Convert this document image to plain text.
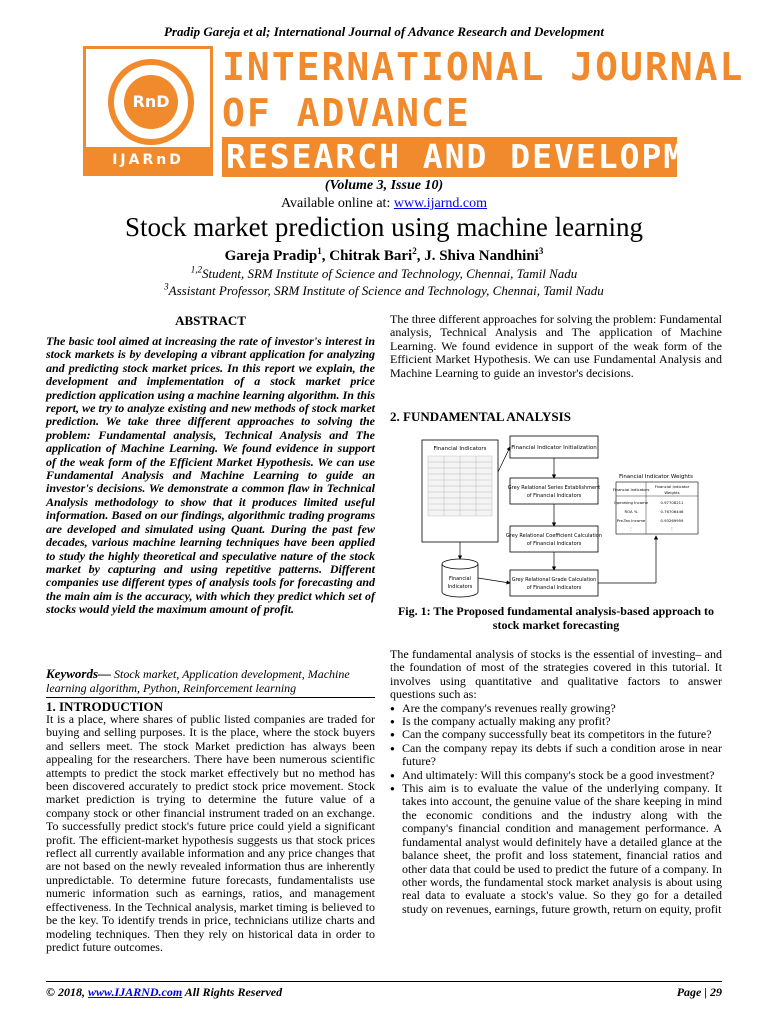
Pradip Gareja et al; International Journal of Advance Research and Development
RnD
IJARnD
INTERNATIONAL JOURNAL
OF ADVANCE
RESEARCH AND DEVELOPMENT
(Volume 3, Issue 10)
Available online at: www.ijarnd.com
Stock market prediction using machine learning
Gareja Pradip$^1$, Chitrak Bari$^2$, J. Shiva Nandhini$^3$
$^{1,2}$Student, SRM Institute of Science and Technology, Chennai, Tamil Nadu
$^3$Assistant Professor, SRM Institute of Science and Technology, Chennai, Tamil Nadu
ABSTRACT
The basic tool aimed at increasing the rate of investor's interest in stock markets is by developing a vibrant application for analyzing and predicting stock market prices. In this report we explain, the development and implementation of a stock market price prediction application using a machine learning algorithm. In this report, we try to analyze existing and new methods of stock market prediction. We take three different approaches to solving the problem: Fundamental analysis, Technical Analysis and The application of Machine Learning. We found evidence in support of the weak form of the Efficient Market Hypothesis. We can use Fundamental Analysis and Machine Learning to guide an investor's decisions. We demonstrate a common flaw in Technical Analysis methodology to show that it produces limited useful information. Based on our findings, algorithmic trading programs are developed and simulated using Quant. During the past few decades, various machine learning techniques have been applied to study the highly theoretical and speculative nature of the stock market by capturing and using repetitive patterns. Different companies use different types of analysis tools for forecasting and the main aim is the accuracy, with which they predict which set of stocks would yield the maximum amount of profit.
Keywords— Stock market, Application development, Machine learning algorithm, Python, Reinforcement learning
1. INTRODUCTION
It is a place, where shares of public listed companies are traded for buying and selling purposes. It is the place, where the stock buyers and sellers meet. The stock Market prediction has always been appealing for the researchers. There have been numerous scientific attempts to predict the stock market effectively but no method has been discovered accurately to predict stock price movement. Stock market prediction is trying to determine the future value of a company stock or other financial instrument traded on an exchange. To successfully predict stock's future price could yield a significant profit. The efficient-market hypothesis suggests us that stock prices reflect all currently available information and any price changes that are not based on the newly revealed information thus are inherently unpredictable. To determine future forecasts, fundamentalists use numeric information such as earnings, ratios, and management effectiveness. In the Technical analysis, market timing is believed to be the key. To identify trends in price, technicians utilize charts and modeling techniques. Then they rely on historical data in order to predict future outcomes.
The three different approaches for solving the problem: Fundamental analysis, Technical Analysis and The application of Machine Learning. We found evidence in support of the weak form of the Efficient Market Hypothesis. We can use Fundamental Analysis and Machine Learning to guide an investor's decisions.
2. FUNDAMENTAL ANALYSIS
Financial Indicators	Financial Indicator Initialization
Grey Relational Series Establishment
of Financial Indicators
Grey Relational Coefficient Calculation
of Financial Indicators
Grey Relational Grade Calculation
of Financial Indicators
Financial
Indicators
Financial Indicator Weights
Financial Indicators
Financial Indicator
Weights
Operating Income	0.97708211
ROA %	0.76706446
Pre-Tax Income	0.93269959
⋮	⋮
Fig. 1: The Proposed fundamental analysis-based approach to stock market forecasting
The fundamental analysis of stocks is the essential of investing– and the foundation of most of the strategies covered in this tutorial. It involves using quantitative and qualitative factors to answer questions such as:
● Are the company's revenues really growing?
● Is the company actually making any profit?
● Can the company successfully beat its competitors in the future?
● Can the company repay its debts if such a condition arose in near future?
● And ultimately: Will this company's stock be a good investment?
● This aim is to evaluate the value of the underlying company. It takes into account, the genuine value of the share keeping in mind the economic conditions and the industry along with the company's financial condition and management performance. A fundamental analyst would definitely have a detailed glance at the balance sheet, the profit and loss statement, financial ratios and other data that could be used to predict the future of a company. In other words, the fundamental stock market analysis is about using real data to evaluate a stock's value. So they go for a detailed study on revenues, earnings, future growth, return on equity, profit
© 2018, www.IJARND.com All Rights Reserved	Page | 29
